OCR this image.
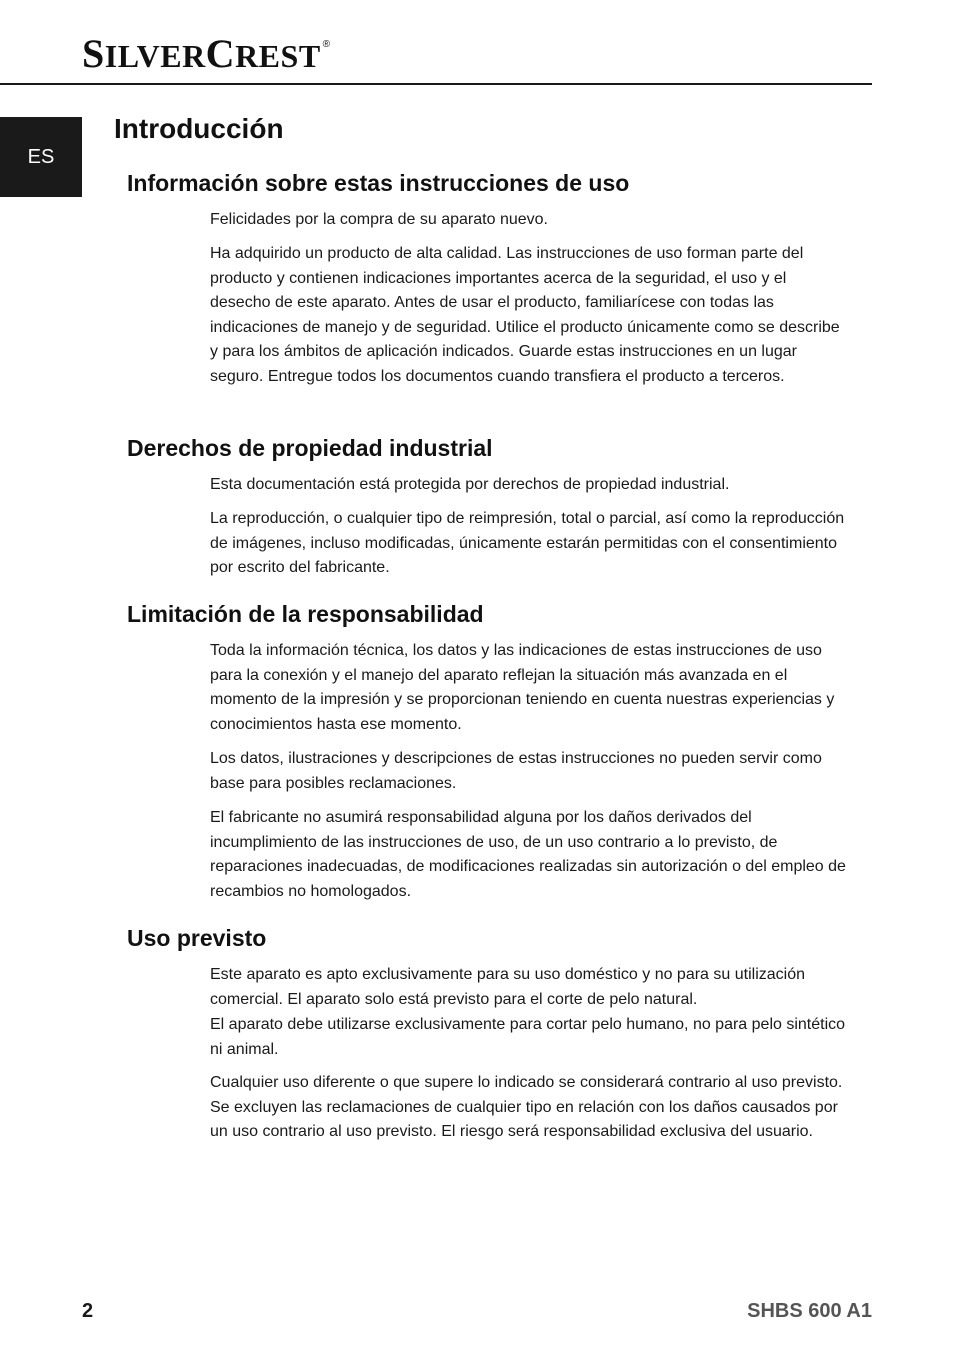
SILVERCREST ®
ES
Introducción
Información sobre estas instrucciones de uso

Felicidades por la compra de su aparato nuevo.

Ha adquirido un producto de alta calidad. Las instrucciones de uso forman parte del producto y contienen indicaciones importantes acerca de la seguridad, el uso y el desecho de este aparato. Antes de usar el producto, familiarícese con todas las indicaciones de manejo y de seguridad. Utilice el producto únicamente como se describe y para los ámbitos de aplicación indicados. Guarde estas instrucciones en un lugar seguro. Entregue todos los documentos cuando transfiera el producto a terceros.

Derechos de propiedad industrial

Esta documentación está protegida por derechos de propiedad industrial.

La reproducción, o cualquier tipo de reimpresión, total o parcial, así como la reproducción de imágenes, incluso modificadas, únicamente estarán permitidas con el consentimiento por escrito del fabricante.

Limitación de la responsabilidad

Toda la información técnica, los datos y las indicaciones de estas instrucciones de uso para la conexión y el manejo del aparato reflejan la situación más avanzada en el momento de la impresión y se proporcionan teniendo en cuenta nuestras experiencias y conocimientos hasta ese momento.

Los datos, ilustraciones y descripciones de estas instrucciones no pueden servir como base para posibles reclamaciones.

El fabricante no asumirá responsabilidad alguna por los daños derivados del incumplimiento de las instrucciones de uso, de un uso contrario a lo previsto, de reparaciones inadecuadas, de modificaciones realizadas sin autorización o del empleo de recambios no homologados.

Uso previsto

Este aparato es apto exclusivamente para su uso doméstico y no para su utilización comercial. El aparato solo está previsto para el corte de pelo natural.

El aparato debe utilizarse exclusivamente para cortar pelo humano, no para pelo sintético ni animal.

Cualquier uso diferente o que supere lo indicado se considerará contrario al uso previsto. Se excluyen las reclamaciones de cualquier tipo en relación con los daños causados por un uso contrario al uso previsto. El riesgo será responsabilidad exclusiva del usuario.

2	SHBS 600 A1
